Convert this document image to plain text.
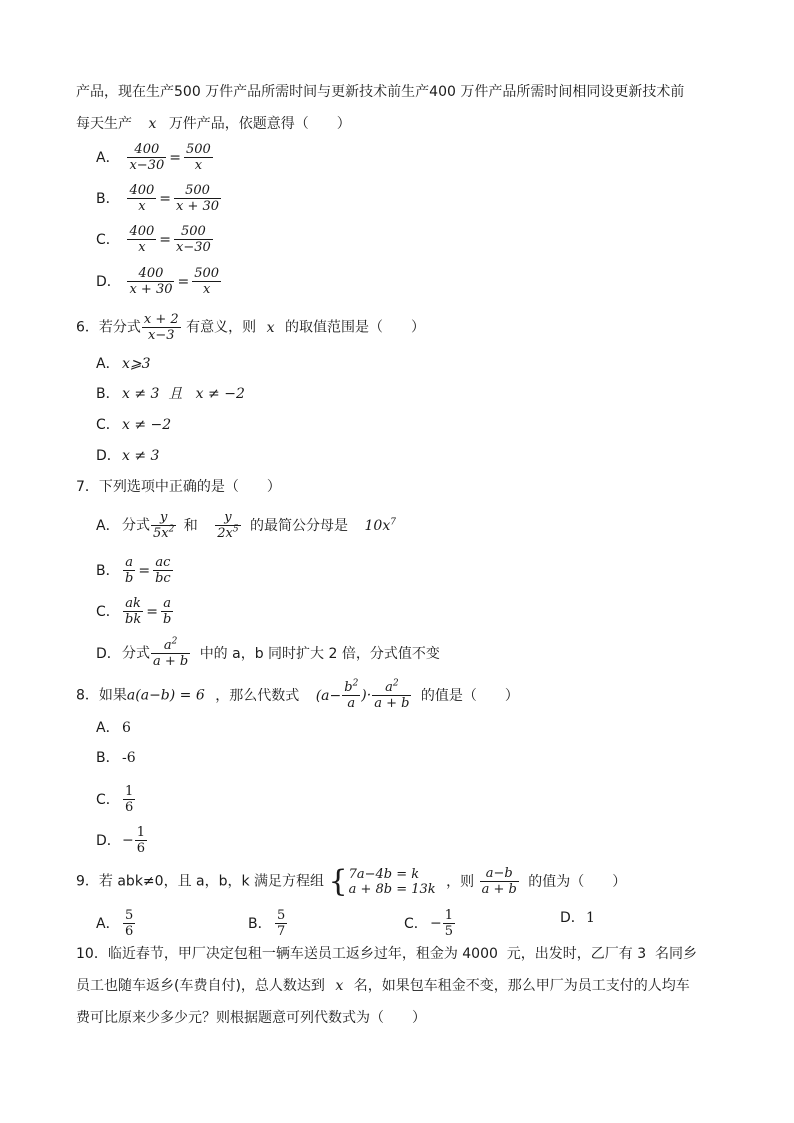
产品，现在生产500 万件产品所需时间与更新技术前生产400 万件产品所需时间相同设更新技术前
每天生产 x 万件产品，依题意得（　　）
A． $\frac{400}{x-30} = \frac{500}{x}$
B． $\frac{400}{x} = \frac{500}{x + 30}$
C． $\frac{400}{x} = \frac{500}{x-30}$
D． $\frac{400}{x + 30} = \frac{500}{x}$
6．若分式 $\frac{x + 2}{x-3}$ 有意义，则 x 的取值范围是（　　）
A． x⩾3
B． x ≠ 3  且   x ≠ −2
C． x ≠ −2
D．x ≠ 3
7．下列选项中正确的是（　　）
A． 分式 $\frac{y}{5x^2}$ 和 $\frac{y}{2x^5}$ 的最简公分母是 $10x^7$
B． $\frac{a}{b} = \frac{ac}{bc}$
C． $\frac{ak}{bk} = \frac{a}{b}$
D．分式 $\frac{a^2}{a + b}$ 中的 a，b 同时扩大 2 倍，分式值不变
8．如果a(a−b) = 6 ，那么代数式 ($a- \frac{b^2}{a}$ )· $\frac{a^2}{a + b}$ 的值是（　　）
A． 6
B． -6
C． $\frac{1}{6}$
D．− $\frac{1}{6}$
9．若 abk≠0，且 a，b，k 满足方程组 { 7a−4b = k
a + 8b = 13k ，则 $\frac{a-b}{a + b}$ 的值为（　　）
A． $\frac{5}{6}$	B． $\frac{5}{7}$	C． − $\frac{1}{5}$	D．1
10．临近春节，甲厂决定包租一辆车送员工返乡过年，租金为 4000  元，出发时，乙厂有 3  名同乡
员工也随车返乡(车费自付)，总人数达到 x 名，如果包车租金不变，那么甲厂为员工支付的人均车
费可比原来少多少元？则根据题意可列代数式为（　　）
